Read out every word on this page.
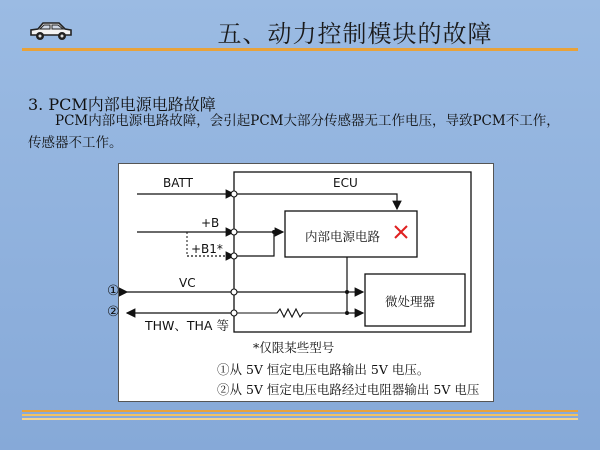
五、动力控制模块的故障
3. PCM内部电源电路故障
PCM内部电源电路故障，会引起PCM大部分传感器无工作电压，导致PCM不工作，传感器不工作。
BATT	ECU
+B
+B1*
VC
THW、THA 等
①
②
内部电源电路
微处理器
*仅限某些型号
①从 5V 恒定电压电路输出 5V 电压。
②从 5V 恒定电压电路经过电阻器输出 5V 电压
